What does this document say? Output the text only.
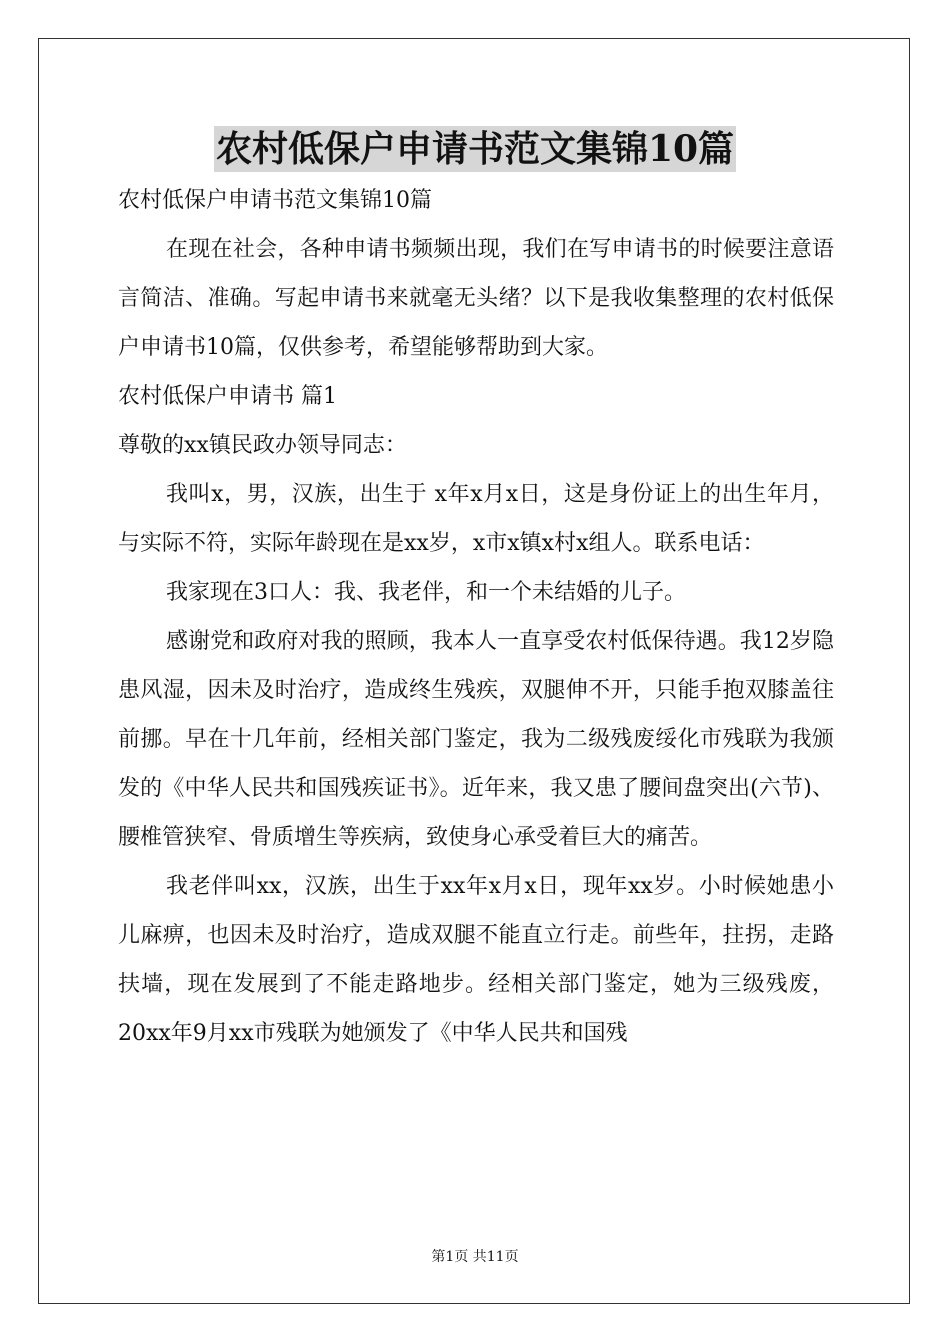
农村低保户申请书范文集锦10篇
农村低保户申请书范文集锦10篇
在现在社会，各种申请书频频出现，我们在写申请书的时候要注意语言简洁、准确。写起申请书来就毫无头绪？以下是我收集整理的农村低保户申请书10篇，仅供参考，希望能够帮助到大家。
农村低保户申请书 篇1
尊敬的xx镇民政办领导同志：
我叫x，男，汉族，出生于 x年x月x日，这是身份证上的出生年月，与实际不符，实际年龄现在是xx岁，x市x镇x村x组人。联系电话：
我家现在3口人：我、我老伴，和一个未结婚的儿子。
感谢党和政府对我的照顾，我本人一直享受农村低保待遇。我12岁隐患风湿，因未及时治疗，造成终生残疾，双腿伸不开，只能手抱双膝盖往前挪。早在十几年前，经相关部门鉴定，我为二级残废绥化市残联为我颁发的《中华人民共和国残疾证书》。近年来，我又患了腰间盘突出(六节)、腰椎管狭窄、骨质增生等疾病，致使身心承受着巨大的痛苦。
我老伴叫xx，汉族，出生于xx年x月x日，现年xx岁。小时候她患小儿麻痹，也因未及时治疗，造成双腿不能直立行走。前些年，拄拐，走路扶墙，现在发展到了不能走路地步。经相关部门鉴定，她为三级残废，20xx年9月xx市残联为她颁发了《中华人民共和国残
第1页 共11页
